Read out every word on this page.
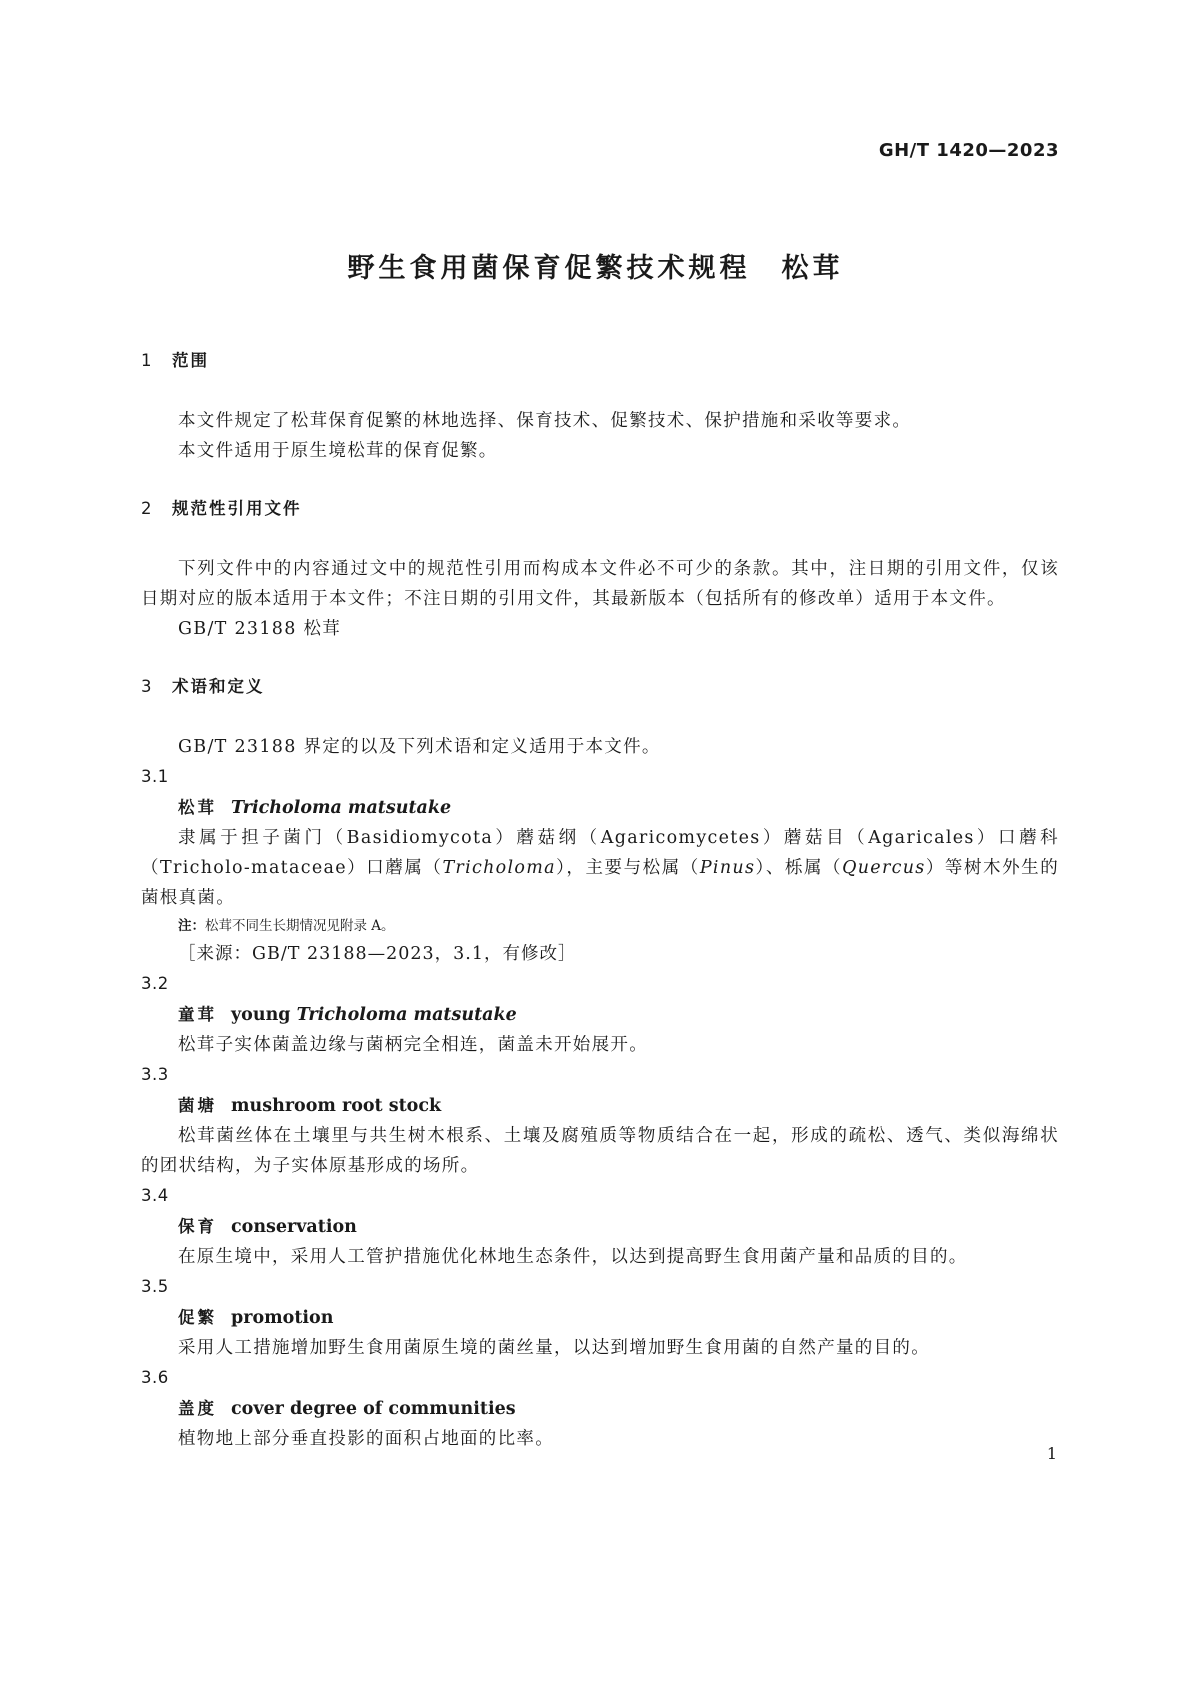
GH/T 1420—2023
野生食用菌保育促繁技术规程　松茸
1 范围
本文件规定了松茸保育促繁的林地选择、保育技术、促繁技术、保护措施和采收等要求。
本文件适用于原生境松茸的保育促繁。
2 规范性引用文件
下列文件中的内容通过文中的规范性引用而构成本文件必不可少的条款。其中，注日期的引用文件，仅该日期对应的版本适用于本文件；不注日期的引用文件，其最新版本（包括所有的修改单）适用于本文件。
GB/T 23188 松茸
3 术语和定义
GB/T 23188 界定的以及下列术语和定义适用于本文件。
3.1
松茸 Tricholoma matsutake
隶属于担子菌门（Basidiomycota）蘑菇纲（Agaricomycetes）蘑菇目（Agaricales）口蘑科（Tricholo-mataceae）口蘑属（Tricholoma），主要与松属（Pinus）、栎属（Quercus）等树木外生的菌根真菌。
注：松茸不同生长期情况见附录 A。
［来源：GB/T 23188—2023，3.1，有修改］
3.2
童茸 young Tricholoma matsutake
松茸子实体菌盖边缘与菌柄完全相连，菌盖未开始展开。
3.3
菌塘 mushroom root stock
松茸菌丝体在土壤里与共生树木根系、土壤及腐殖质等物质结合在一起，形成的疏松、透气、类似海绵状的团状结构，为子实体原基形成的场所。
3.4
保育 conservation
在原生境中，采用人工管护措施优化林地生态条件，以达到提高野生食用菌产量和品质的目的。
3.5
促繁 promotion
采用人工措施增加野生食用菌原生境的菌丝量，以达到增加野生食用菌的自然产量的目的。
3.6
盖度 cover degree of communities
植物地上部分垂直投影的面积占地面的比率。
1
